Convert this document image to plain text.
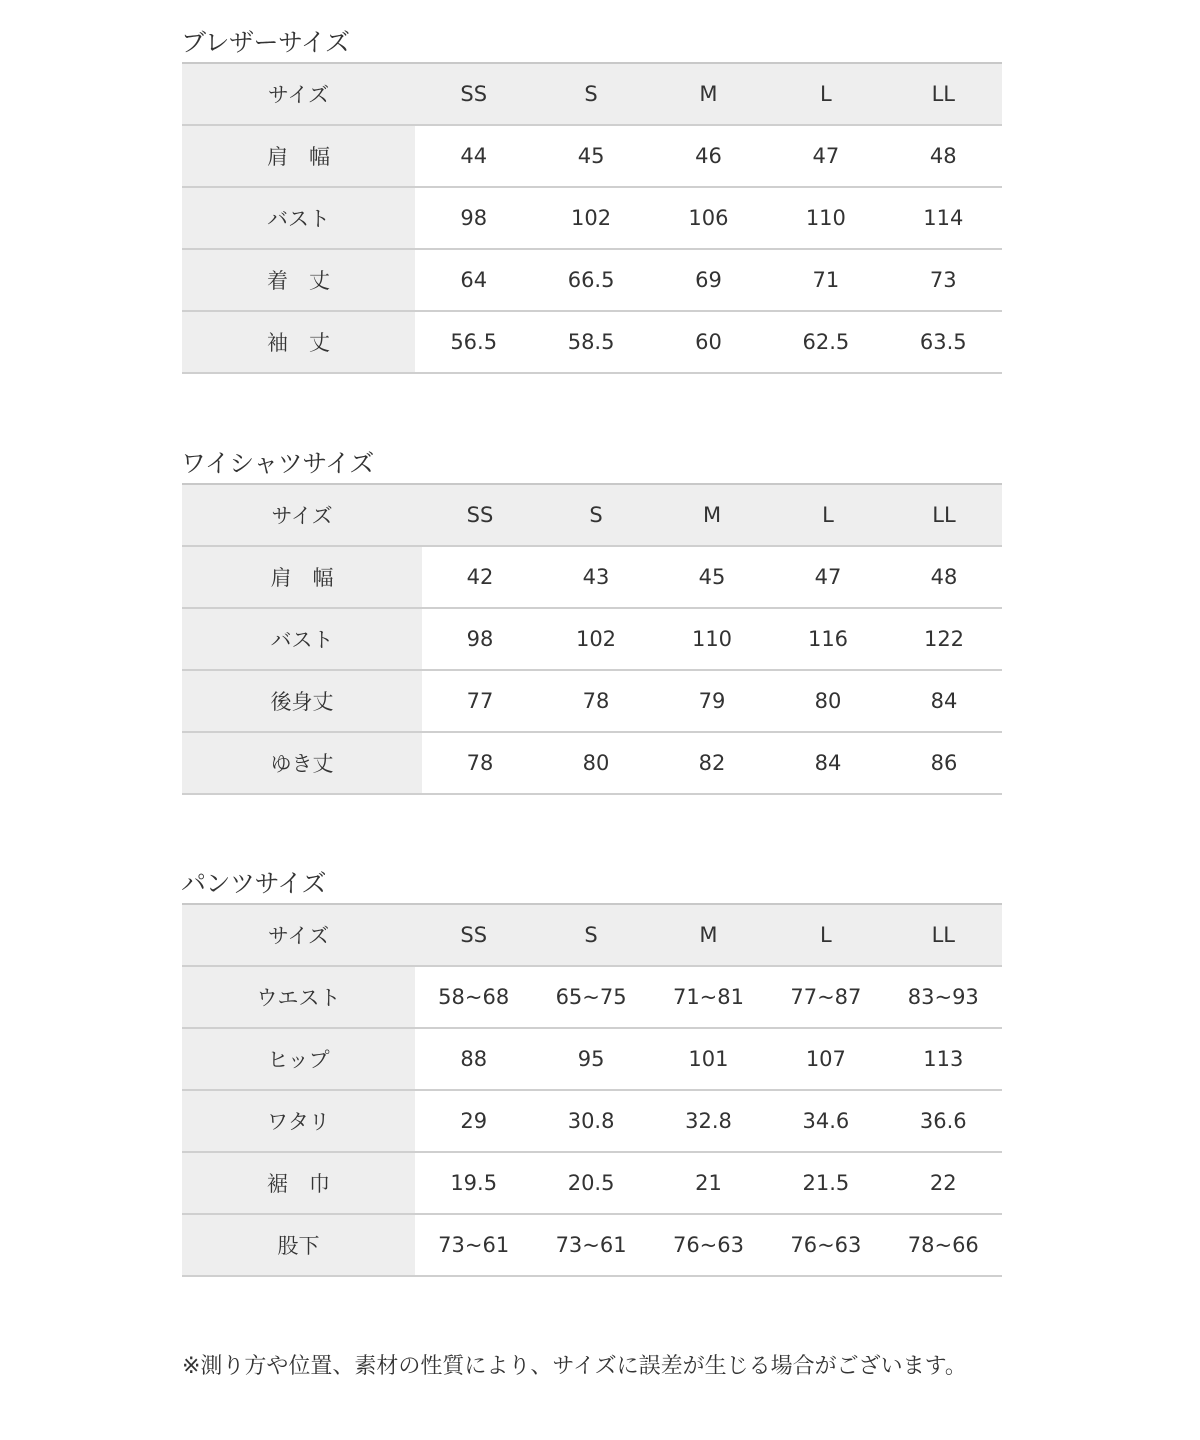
ブレザーサイズ
サイズ	SS	S	M	L	LL
肩　幅	44	45	46	47	48
バスト	98	102	106	110	114
着　丈	64	66.5	69	71	73
袖　丈	56.5	58.5	60	62.5	63.5
ワイシャツサイズ
サイズ	SS	S	M	L	LL
肩　幅	42	43	45	47	48
バスト	98	102	110	116	122
後身丈	77	78	79	80	84
ゆき丈	78	80	82	84	86
パンツサイズ
サイズ	SS	S	M	L	LL
ウエスト	58~68	65~75	71~81	77~87	83~93
ヒップ	88	95	101	107	113
ワタリ	29	30.8	32.8	34.6	36.6
裾　巾	19.5	20.5	21	21.5	22
股下	73~61	73~61	76~63	76~63	78~66
※測り方や位置、素材の性質により、サイズに誤差が生じる場合がございます。
